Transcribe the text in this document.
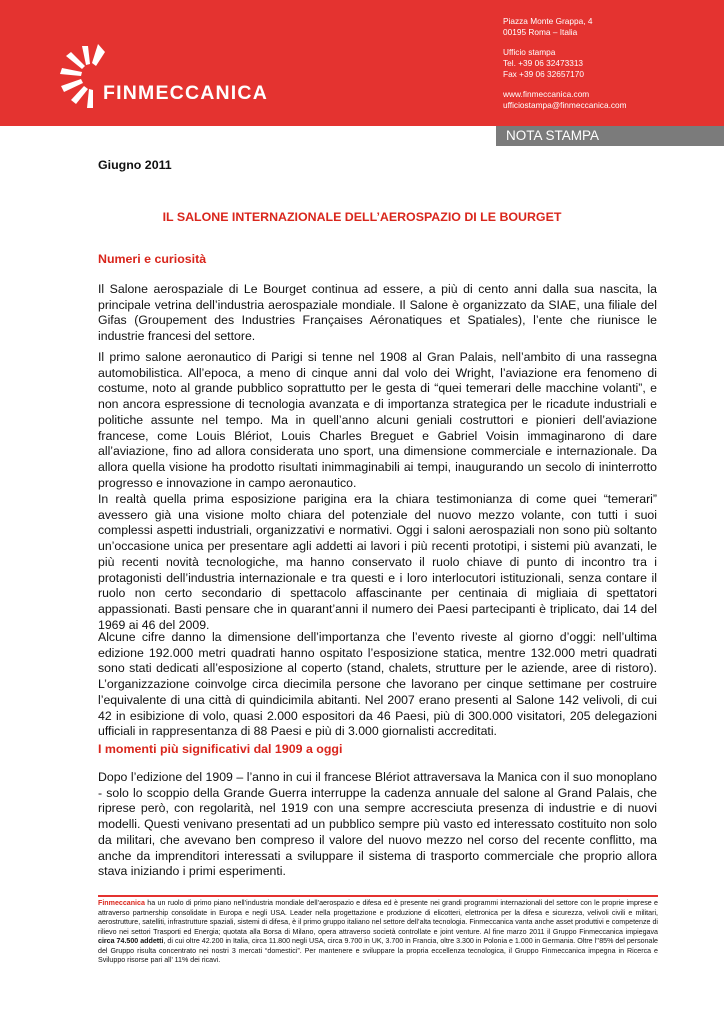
FINMECCANICA
Piazza Monte Grappa, 4
00195 Roma – Italia
Ufficio stampa
Tel. +39 06 32473313
Fax +39 06 32657170
www.finmeccanica.com
ufficiostampa@finmeccanica.com
NOTA STAMPA
Giugno 2011
IL SALONE INTERNAZIONALE DELL’AEROSPAZIO DI LE BOURGET
Numeri e curiosità
Il Salone aerospaziale di Le Bourget continua ad essere, a più di cento anni dalla sua nascita, la principale vetrina dell’industria aerospaziale mondiale. Il Salone è organizzato da SIAE, una filiale del Gifas (Groupement des Industries Françaises Aéronatiques et Spatiales), l’ente che riunisce le industrie francesi del settore.
Il primo salone aeronautico di Parigi si tenne nel 1908 al Gran Palais, nell’ambito di una rassegna automobilistica. All’epoca, a meno di cinque anni dal volo dei Wright, l’aviazione era fenomeno di costume, noto al grande pubblico soprattutto per le gesta di “quei temerari delle macchine volanti”, e non ancora espressione di tecnologia avanzata e di importanza strategica per le ricadute industriali e politiche assunte nel tempo. Ma in quell’anno alcuni geniali costruttori e pionieri dell’aviazione francese, come Louis Blériot, Louis Charles Breguet e Gabriel Voisin immaginarono di dare all’aviazione, fino ad allora considerata uno sport, una dimensione commerciale e internazionale. Da allora quella visione ha prodotto risultati inimmaginabili ai tempi, inaugurando un secolo di ininterrotto progresso e innovazione in campo aeronautico.
In realtà quella prima esposizione parigina era la chiara testimonianza di come quei “temerari” avessero già una visione molto chiara del potenziale del nuovo mezzo volante, con tutti i suoi complessi aspetti industriali, organizzativi e normativi. Oggi i saloni aerospaziali non sono più soltanto un’occasione unica per presentare agli addetti ai lavori i più recenti prototipi, i sistemi più avanzati, le più recenti novità tecnologiche, ma hanno conservato il ruolo chiave di punto di incontro tra i protagonisti dell’industria internazionale e tra questi e i loro interlocutori istituzionali, senza contare il ruolo non certo secondario di spettacolo affascinante per centinaia di migliaia di spettatori appassionati. Basti pensare che in quarant’anni il numero dei Paesi partecipanti è triplicato, dai 14 del 1969 ai 46 del 2009.
Alcune cifre danno la dimensione dell’importanza che l’evento riveste al giorno d’oggi: nell’ultima edizione 192.000 metri quadrati hanno ospitato l’esposizione statica, mentre 132.000 metri quadrati sono stati dedicati all’esposizione al coperto (stand, chalets, strutture per le aziende, aree di ristoro). L’organizzazione coinvolge circa diecimila persone che lavorano per cinque settimane per costruire l’equivalente di una città di quindicimila abitanti. Nel 2007 erano presenti al Salone 142 velivoli, di cui 42 in esibizione di volo, quasi 2.000 espositori da 46 Paesi, più di 300.000 visitatori, 205 delegazioni ufficiali in rappresentanza di 88 Paesi e più di 3.000 giornalisti accreditati.
I momenti più significativi dal 1909 a oggi
Dopo l’edizione del 1909 – l’anno in cui il francese Blériot attraversava la Manica con il suo monoplano - solo lo scoppio della Grande Guerra interruppe la cadenza annuale del salone al Grand Palais, che riprese però, con regolarità, nel 1919 con una sempre accresciuta presenza di industrie e di nuovi modelli. Questi venivano presentati ad un pubblico sempre più vasto ed interessato costituito non solo da militari, che avevano ben compreso il valore del nuovo mezzo nel corso del recente conflitto, ma anche da imprenditori interessati a sviluppare il sistema di trasporto commerciale che proprio allora stava iniziando i primi esperimenti.
Finmeccanica ha un ruolo di primo piano nell’industria mondiale dell’aerospazio e difesa ed è presente nei grandi programmi internazionali del settore con le proprie imprese e attraverso partnership consolidate in Europa e negli USA. Leader nella progettazione e produzione di elicotteri, elettronica per la difesa e sicurezza, velivoli civili e militari, aerostrutture, satelliti, infrastrutture spaziali, sistemi di difesa, è il primo gruppo italiano nel settore dell’alta tecnologia. Finmeccanica vanta anche asset produttivi e competenze di rilievo nei settori Trasporti ed Energia; quotata alla Borsa di Milano, opera attraverso società controllate e joint venture. Al fine marzo 2011 il Gruppo Finmeccanica impiegava circa 74.500 addetti, di cui oltre 42.200 in Italia, circa 11.800 negli USA, circa 9.700 in UK, 3.700 in Francia, oltre 3.300 in Polonia e 1.000 in Germania. Oltre l’’85% del personale del Gruppo risulta concentrato nei nostri 3 mercati “domestici”. Per mantenere e sviluppare la propria eccellenza tecnologica, il Gruppo Finmeccanica impegna in Ricerca e Sviluppo risorse pari all’ 11% dei ricavi.
